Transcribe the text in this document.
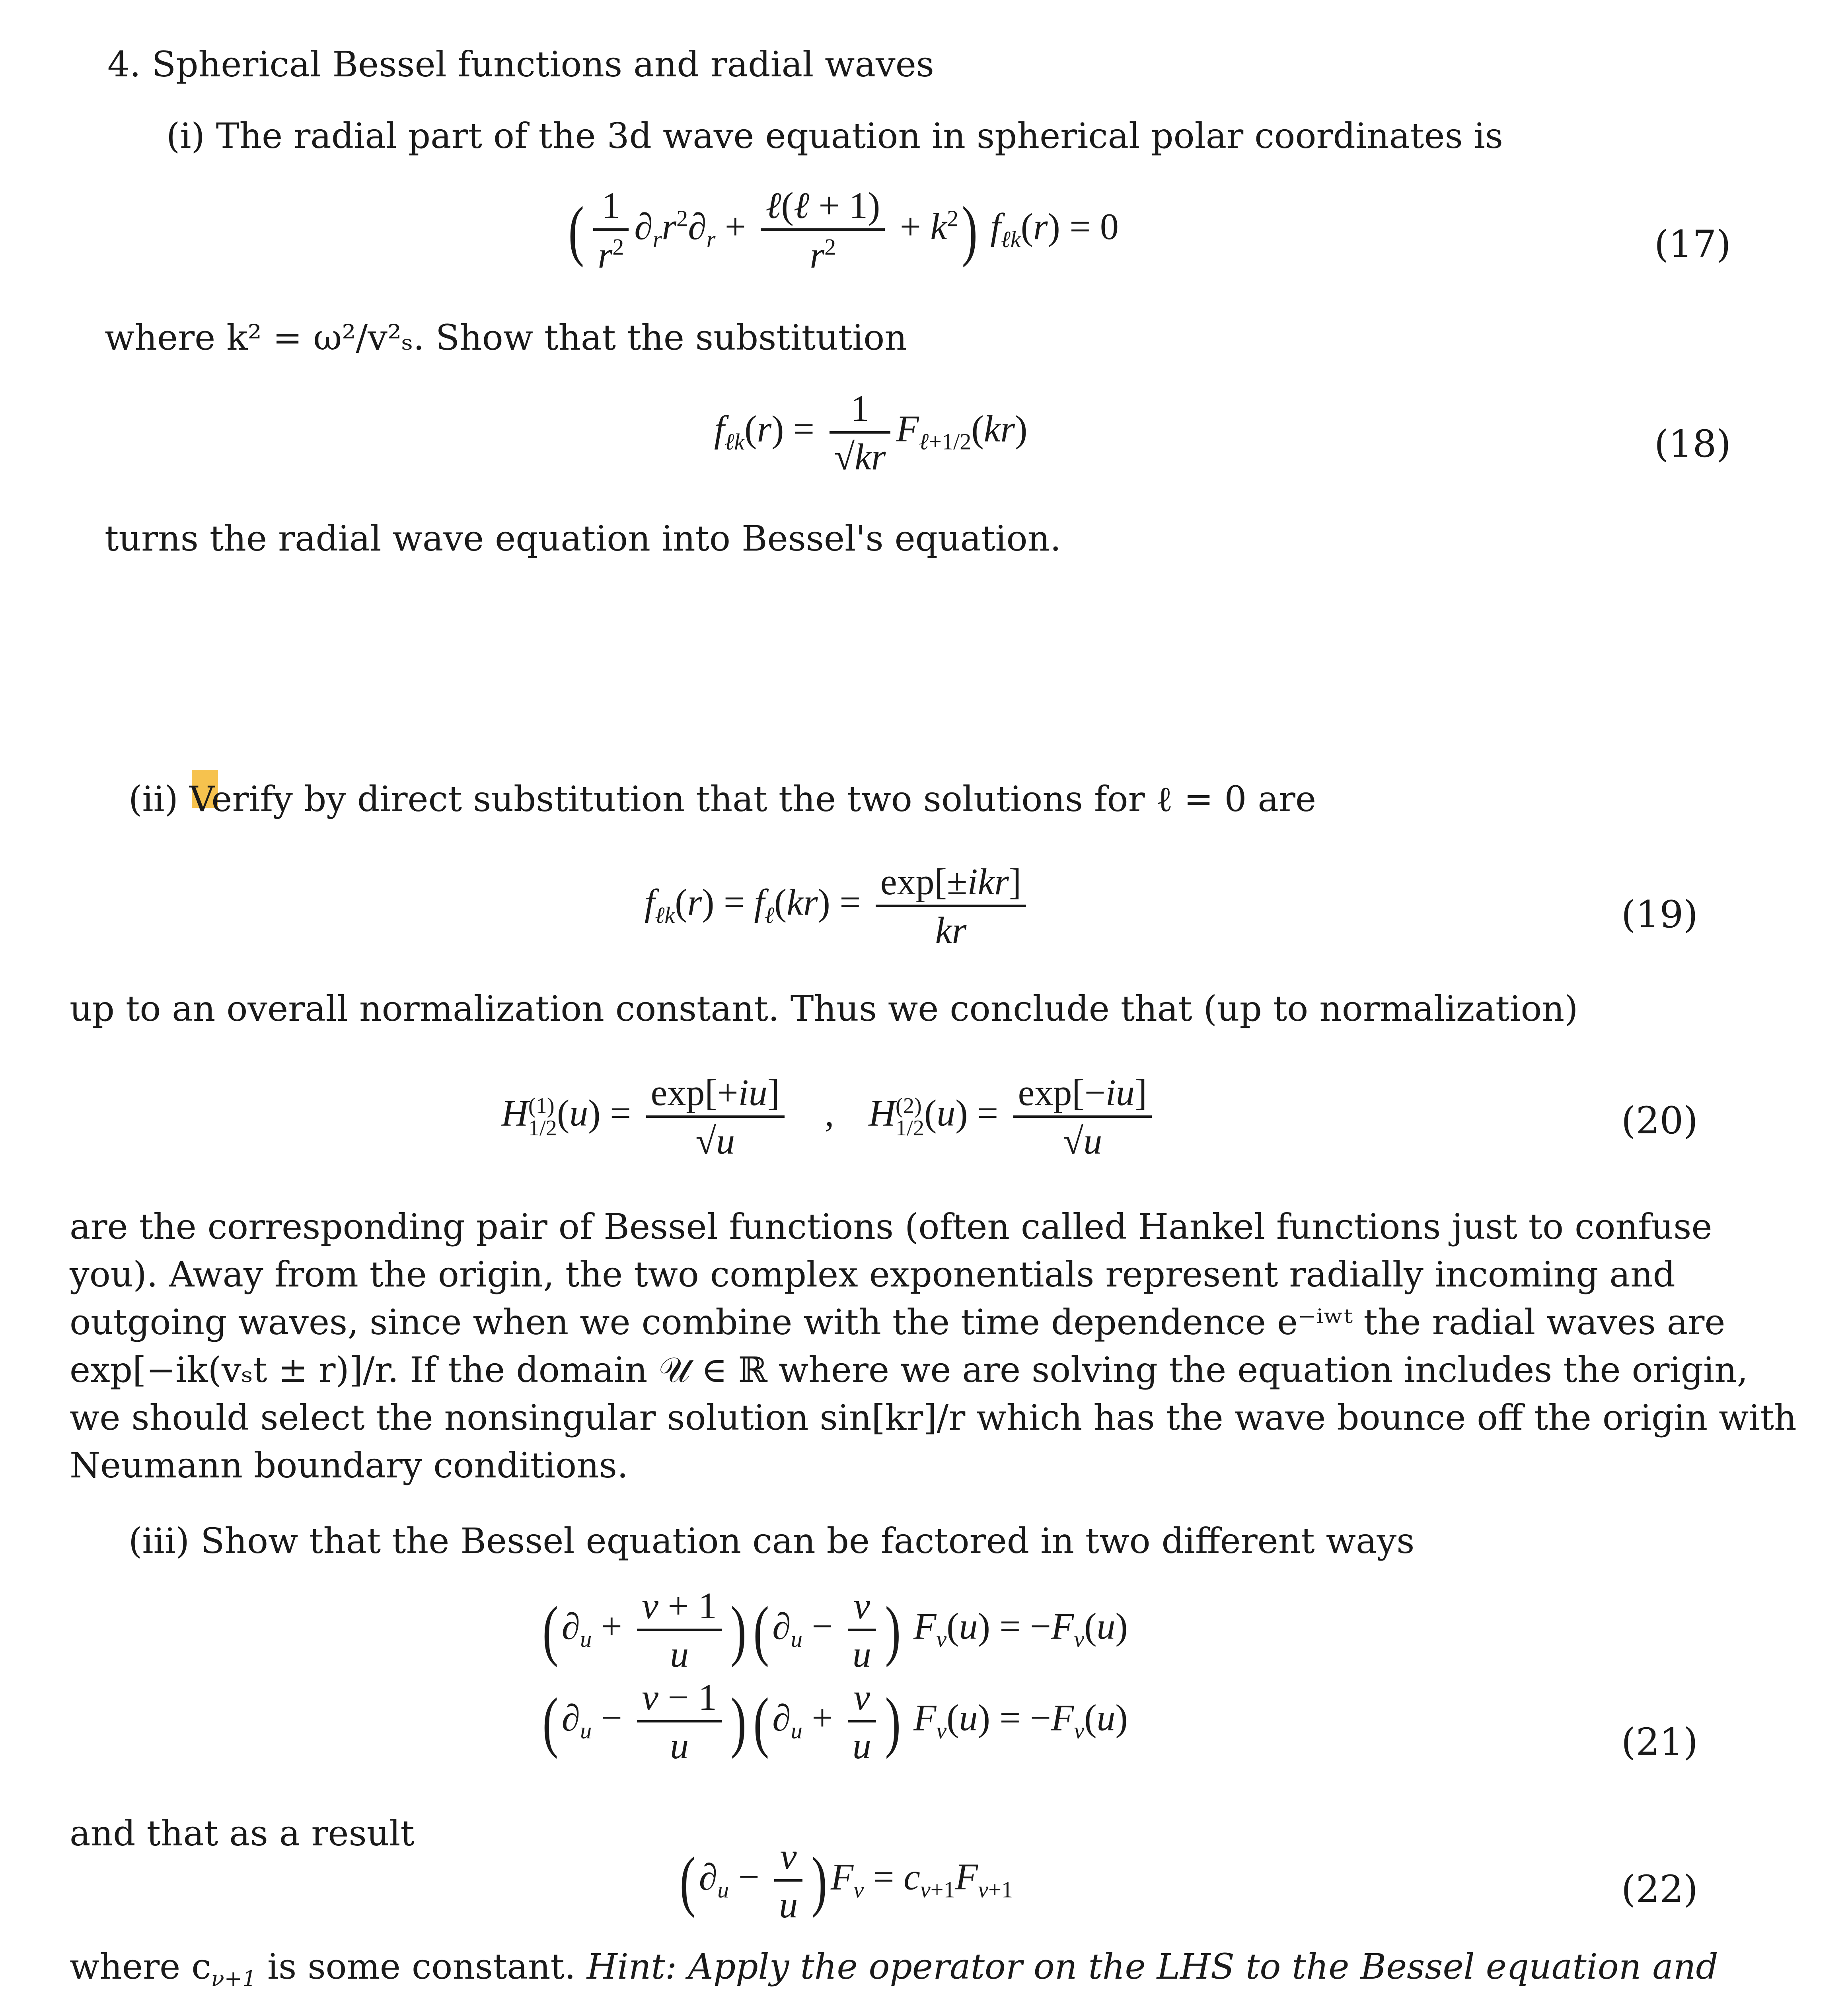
4. Spherical Bessel functions and radial waves
(i) The radial part of the 3d wave equation in spherical polar coordinates is
( $\frac{1}{r^2} \partial_rr^2\partial_r + \frac{\text{ℓ(ℓ + 1)}}{r^2} + k^2$) $f_{\ell k}(r) = 0$	(17)
where k² = ω²/v²ₛ. Show that the substitution
$f_{\ell k}(r) = \frac{1}{√kr} F_{\ell+1/2}(kr)$	(18)
turns the radial wave equation into Bessel's equation.
(ii) Verify by direct substitution that the two solutions for ℓ = 0 are
$f_{\ell k}(r) = f_\ell(kr) = \frac{\text{exp[±ikr]}}{kr}$	(19)
up to an overall normalization constant. Thus we conclude that (up to normalization)
H (1)
1/2 $(u) = \frac{\exp[+iu]}{√u}$ , H (2)
1/2 $(u) = \frac{\exp[-iu]}{√u}$	(20)
are the corresponding pair of Bessel functions (often called Hankel functions just to confuse
you). Away from the origin, the two complex exponentials represent radially incoming and
outgoing waves, since when we combine with the time dependence e⁻ⁱʷᵗ the radial waves are
exp[−ik(vₛt ± r)]/r. If the domain 𝒰 ∈ ℝ where we are solving the equation includes the origin,
we should select the nonsingular solution sin[kr]/r which has the wave bounce off the origin with
Neumann boundary conditions.
(iii) Show that the Bessel equation can be factored in two different ways
$(\partial_u + \frac{\nu + 1}{u} )(\partial_u - \frac{\nu}{u}$ ) $F_\nu(u) = -F_\nu(u)$
$(\partial_u - \frac{\nu - 1}{u} )(\partial_u + \frac{\nu}{u}$ ) $F_\nu(u) = -F_\nu(u)$
(21)
and that as a result
$(\partial_u - \frac{\nu}{u} )F_\nu = c_{\nu+1}F_{\nu+1}$	(22)
where $c_{\nu+1}$ is some constant. Hint: Apply the operator on the LHS to the Bessel equation and
